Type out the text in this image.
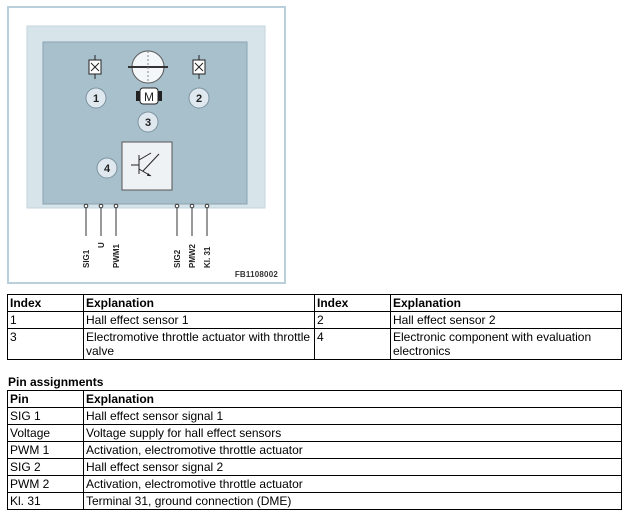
M
1	2
3
4
SIG1
U PWM1	SIG2 PMW2 Kl. 31
FB1108002
Index	Explanation	Index	Explanation
1	Hall effect sensor 1	2	Hall effect sensor 2
3	Electromotive throttle actuator with throttle valve	4	Electronic component with evaluation electronics
Pin assignments
Pin	Explanation
SIG 1	Hall effect sensor signal 1
Voltage	Voltage supply for hall effect sensors
PWM 1	Activation, electromotive throttle actuator
SIG 2	Hall effect sensor signal 2
PWM 2	Activation, electromotive throttle actuator
Kl. 31	Terminal 31, ground connection (DME)
